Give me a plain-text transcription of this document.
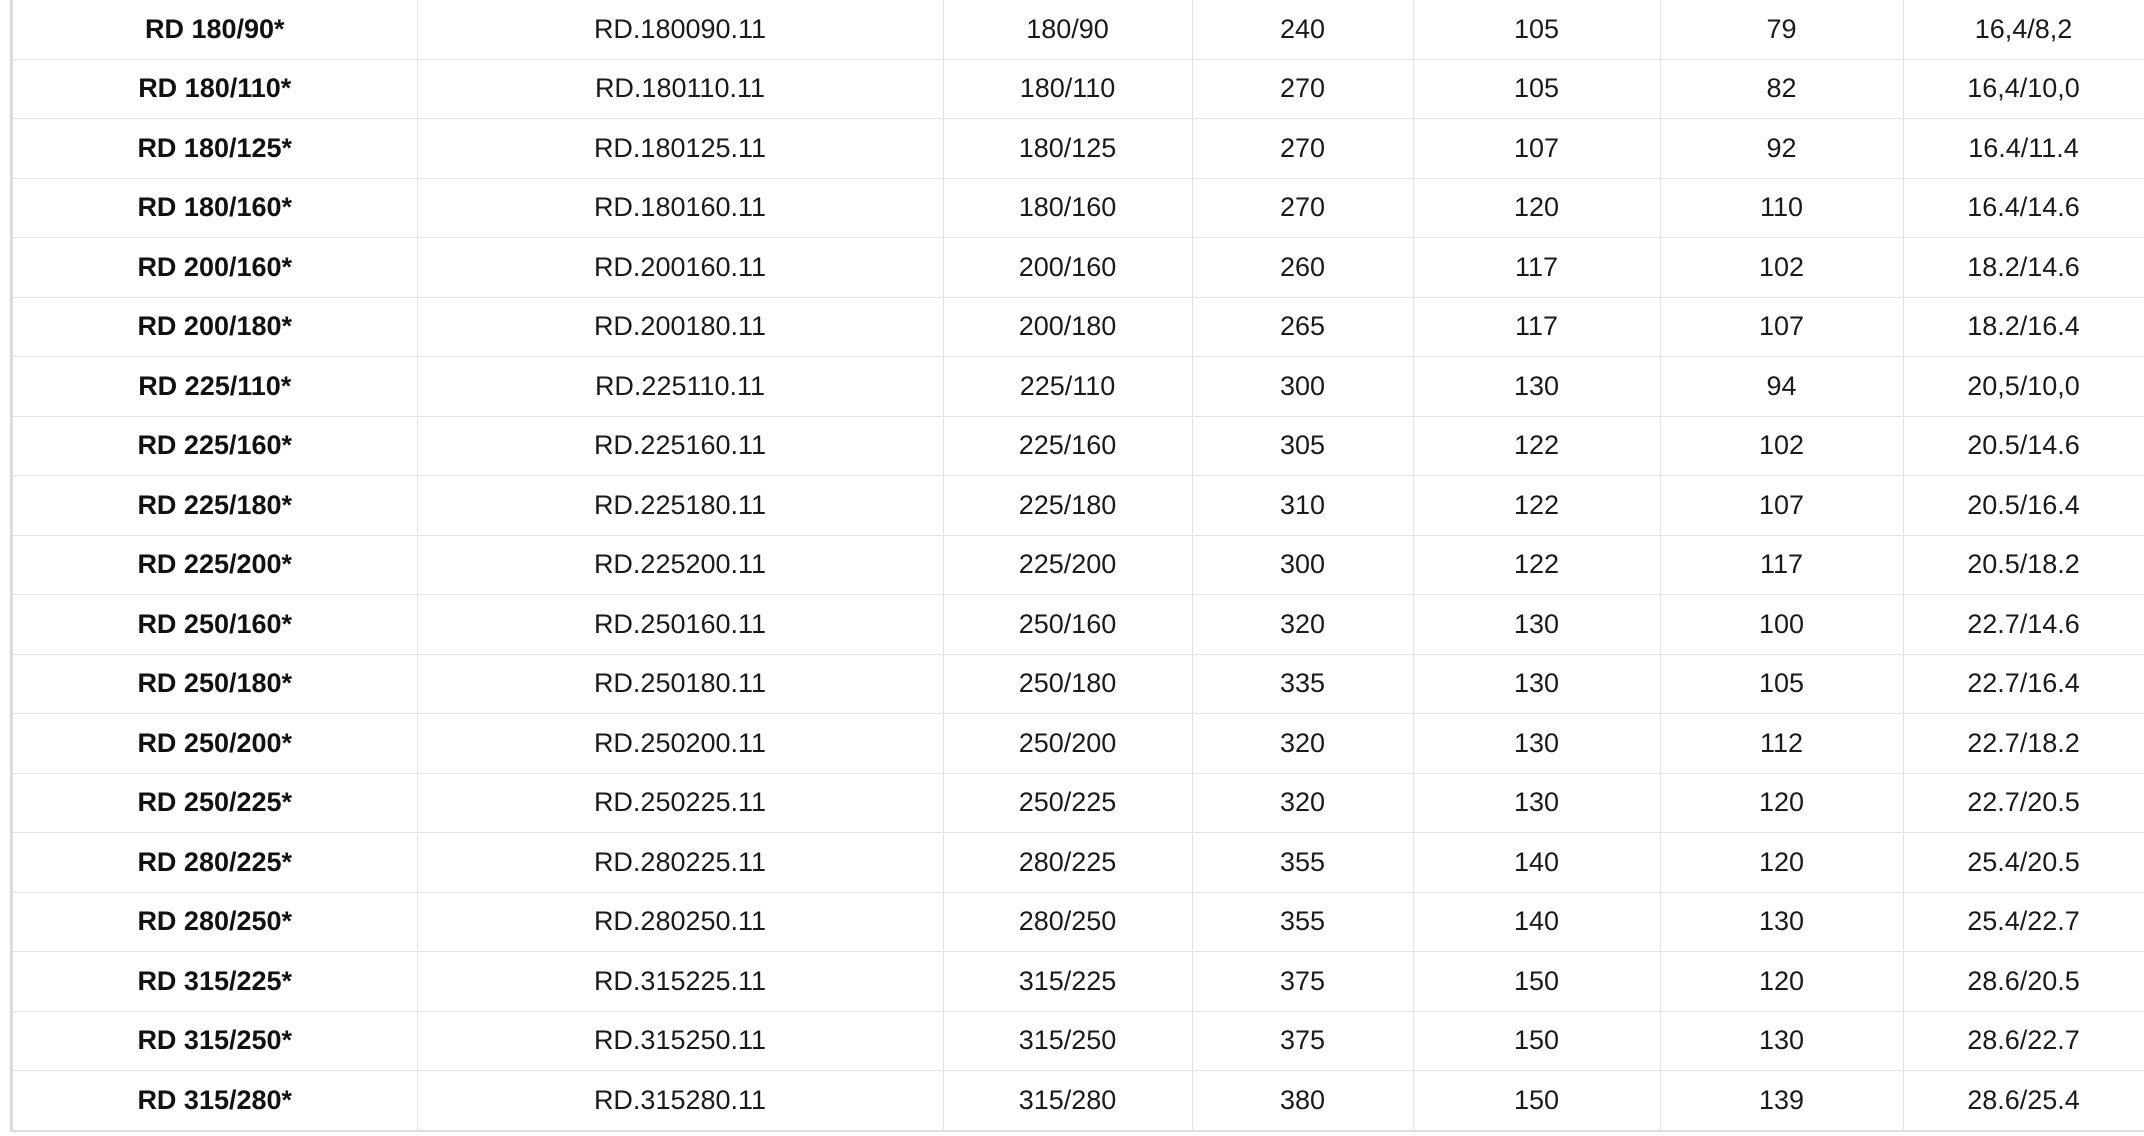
RD 180/90*	RD.180090.11	180/90	240	105	79	16,4/8,2
RD 180/110*	RD.180110.11	180/110	270	105	82	16,4/10,0
RD 180/125*	RD.180125.11	180/125	270	107	92	16.4/11.4
RD 180/160*	RD.180160.11	180/160	270	120	110	16.4/14.6
RD 200/160*	RD.200160.11	200/160	260	117	102	18.2/14.6
RD 200/180*	RD.200180.11	200/180	265	117	107	18.2/16.4
RD 225/110*	RD.225110.11	225/110	300	130	94	20,5/10,0
RD 225/160*	RD.225160.11	225/160	305	122	102	20.5/14.6
RD 225/180*	RD.225180.11	225/180	310	122	107	20.5/16.4
RD 225/200*	RD.225200.11	225/200	300	122	117	20.5/18.2
RD 250/160*	RD.250160.11	250/160	320	130	100	22.7/14.6
RD 250/180*	RD.250180.11	250/180	335	130	105	22.7/16.4
RD 250/200*	RD.250200.11	250/200	320	130	112	22.7/18.2
RD 250/225*	RD.250225.11	250/225	320	130	120	22.7/20.5
RD 280/225*	RD.280225.11	280/225	355	140	120	25.4/20.5
RD 280/250*	RD.280250.11	280/250	355	140	130	25.4/22.7
RD 315/225*	RD.315225.11	315/225	375	150	120	28.6/20.5
RD 315/250*	RD.315250.11	315/250	375	150	130	28.6/22.7
RD 315/280*	RD.315280.11	315/280	380	150	139	28.6/25.4
